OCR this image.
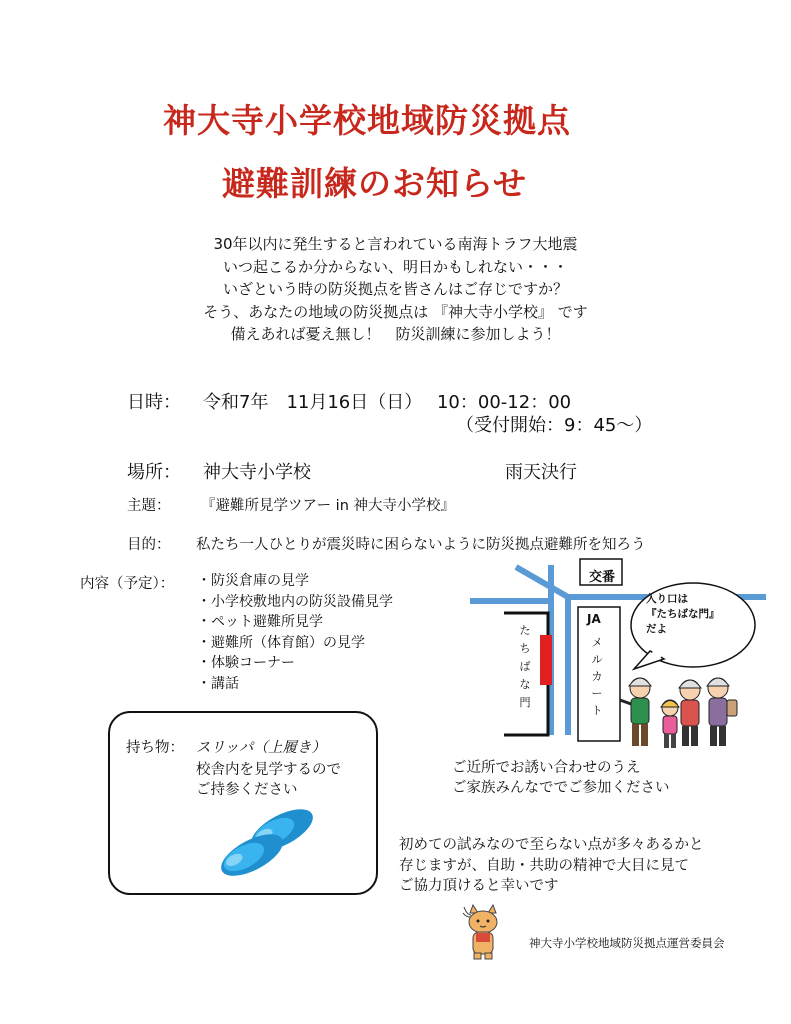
神大寺小学校地域防災拠点
避難訓練のお知らせ
30年以内に発生すると言われている南海トラフ大地震
いつ起こるか分からない、明日かもしれない・・・
いざという時の防災拠点を皆さんはご存じですか？
そう、あなたの地域の防災拠点は 『神大寺小学校』 です
備えあれば憂え無し！　防災訓練に参加しよう！
日時： 令和7年　11月16日（日）　 10：00-12：00
（受付開始：9：45〜）
場所： 神大寺小学校	雨天決行
主題： 『避難所見学ツアー in 神大寺小学校』
目的： 私たち一人ひとりが震災時に困らないように防災拠点避難所を知ろう
内容（予定）： ・防災倉庫の見学
・小学校敷地内の防災設備見学
・ペット避難所見学
・避難所（体育館）の見学
・体験コーナー
・講話
持ち物： スリッパ（上履き）
校舎内を見学するので
ご持参ください
交番
JA
メ
ル
カ
ー
ト
た
ち
ば
な
門
入り口は
『たちばな門』
だよ
ご近所でお誘い合わせのうえ
ご家族みんなででご参加ください
初めての試みなので至らない点が多々あるかと
存じますが、自助・共助の精神で大目に見て
ご協力頂けると幸いです
神大寺小学校地域防災拠点運営委員会
